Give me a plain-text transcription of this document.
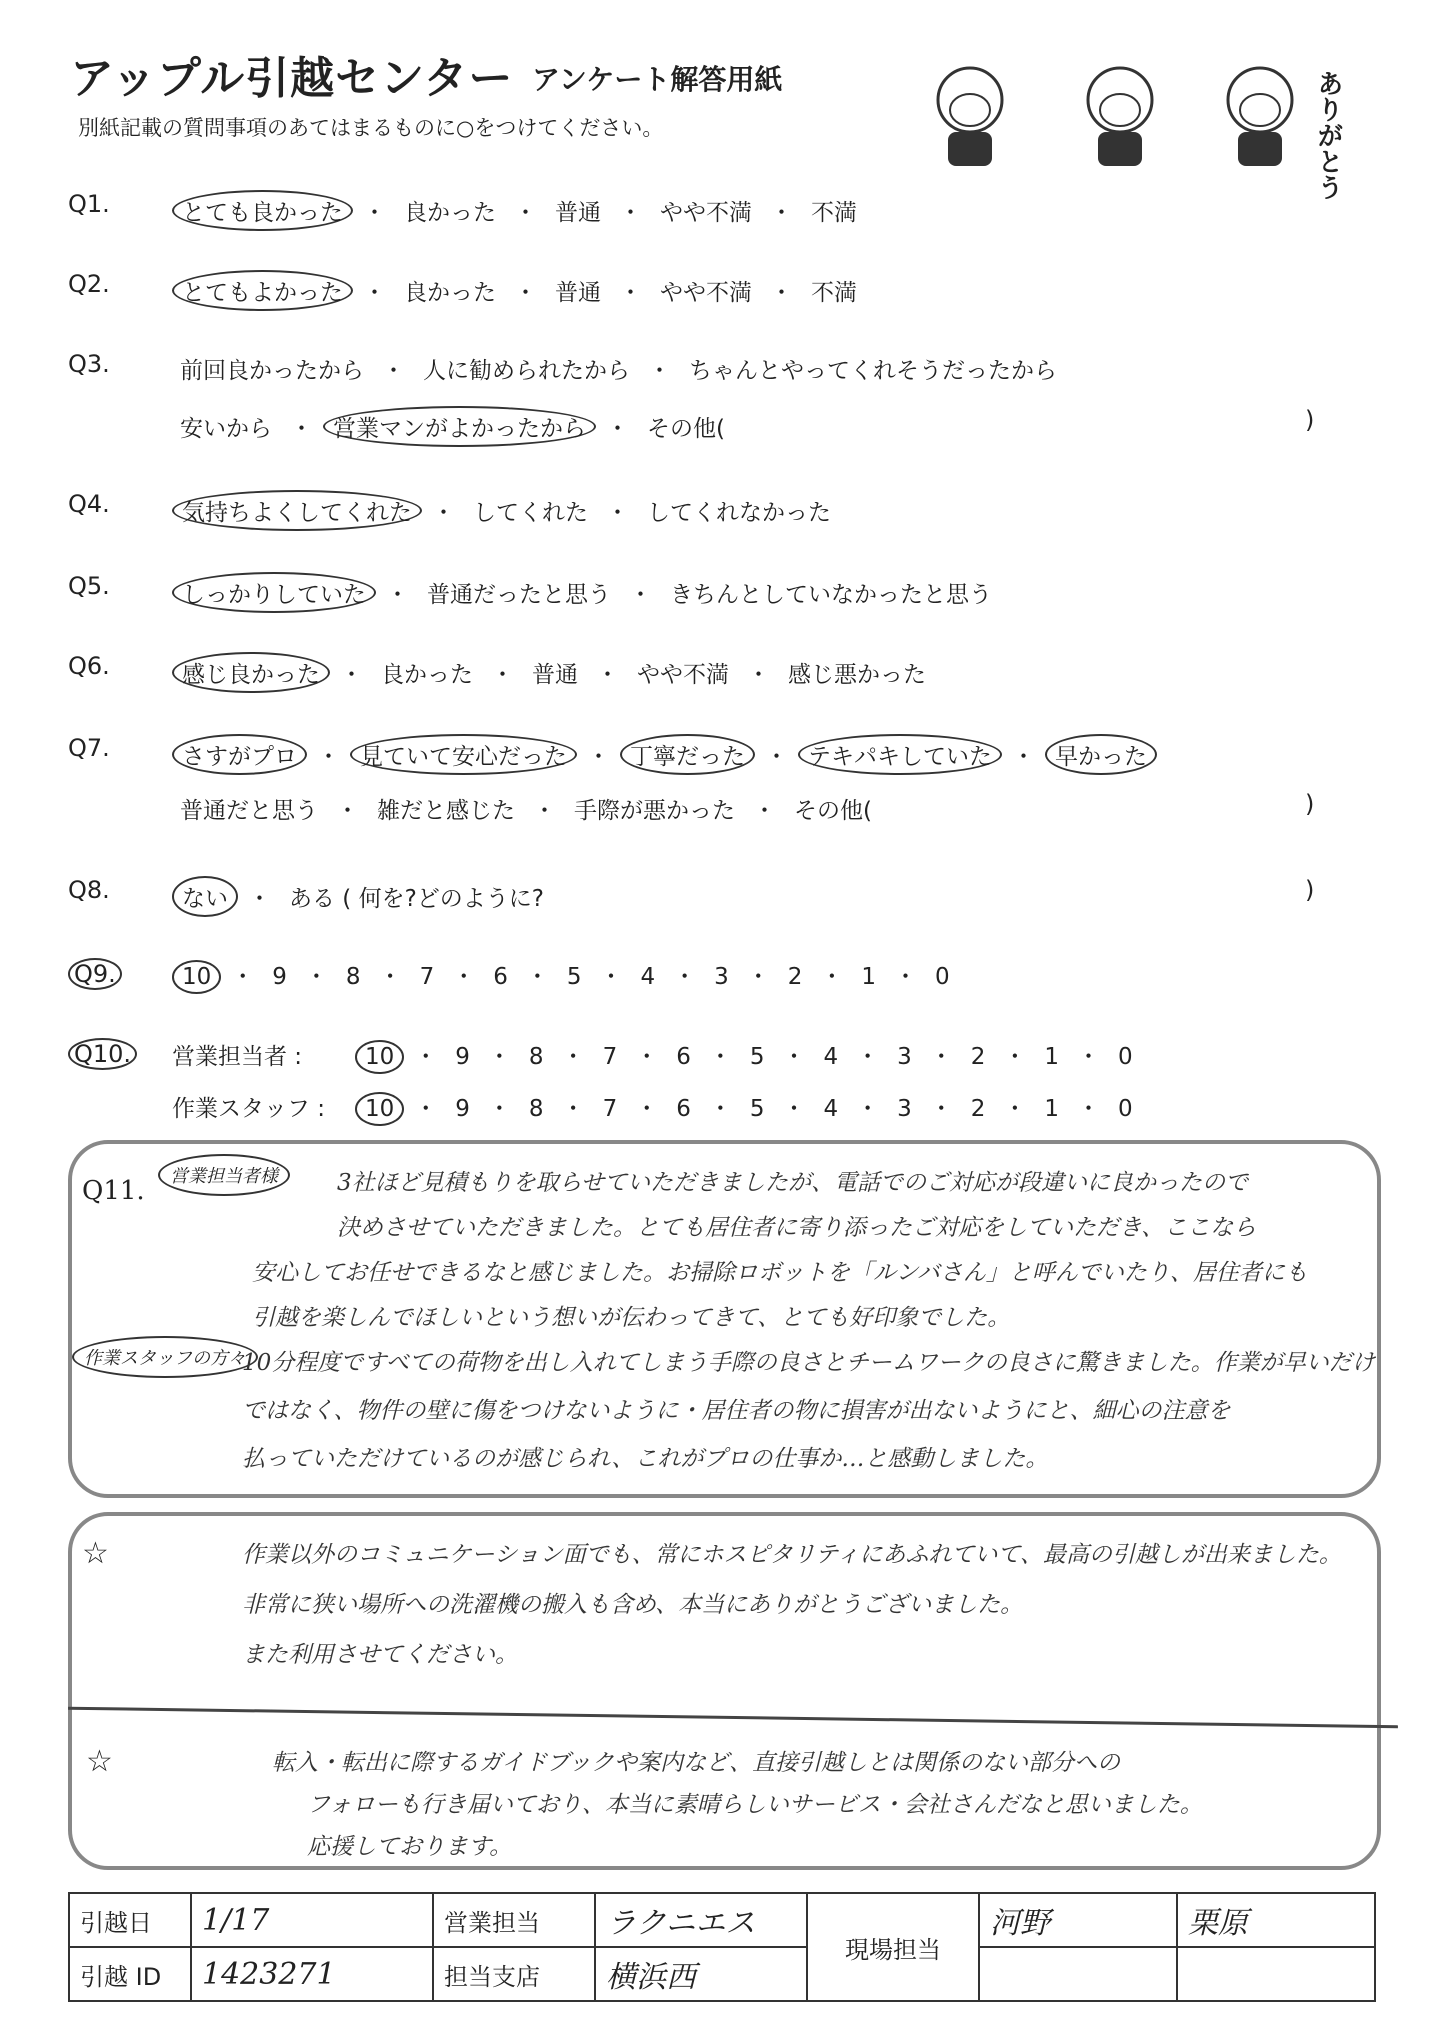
アップル引越センター アンケート解答用紙
別紙記載の質問事項のあてはまるものに○をつけてください。	ありがとう
Q1.	とても良かった ・ 良かった ・ 普通 ・ やや不満 ・ 不満
Q2.	とてもよかった ・ 良かった ・ 普通 ・ やや不満 ・ 不満
Q3.	前回良かったから ・ 人に勧められたから ・ ちゃんとやってくれそうだったから
安いから ・ 営業マンがよかったから ・ その他(	)
Q4.	気持ちよくしてくれた ・ してくれた ・ してくれなかった
Q5.	しっかりしていた ・ 普通だったと思う ・ きちんとしていなかったと思う
Q6.	感じ良かった ・ 良かった ・ 普通 ・ やや不満 ・ 感じ悪かった
Q7.	さすがプロ ・ 見ていて安心だった ・ 丁寧だった ・ テキパキしていた ・ 早かった
普通だと思う ・ 雑だと感じた ・ 手際が悪かった ・ その他(	)
Q8.	ない ・ ある ( 何を?どのように?	)
Q9.	10 ・ 9 ・ 8 ・ 7 ・ 6 ・ 5 ・ 4 ・ 3 ・ 2 ・ 1 ・ 0
Q10. 営業担当者 :	10 ・ 9 ・ 8 ・ 7 ・ 6 ・ 5 ・ 4 ・ 3 ・ 2 ・ 1 ・ 0
作業スタッフ :	10 ・ 9 ・ 8 ・ 7 ・ 6 ・ 5 ・ 4 ・ 3 ・ 2 ・ 1 ・ 0
Q11.	営業担当者様
作業スタッフの方々
3社ほど見積もりを取らせていただきましたが、電話でのご対応が段違いに良かったので
決めさせていただきました。とても居住者に寄り添ったご対応をしていただき、ここなら
安心してお任せできるなと感じました。お掃除ロボットを「ルンバさん」と呼んでいたり、居住者にも
引越を楽しんでほしいという想いが伝わってきて、とても好印象でした。
10分程度ですべての荷物を出し入れてしまう手際の良さとチームワークの良さに驚きました。作業が早いだけ
ではなく、物件の壁に傷をつけないように・居住者の物に損害が出ないようにと、細心の注意を
払っていただけているのが感じられ、これがプロの仕事か…と感動しました。
☆
☆
作業以外のコミュニケーション面でも、常にホスピタリティにあふれていて、最高の引越しが出来ました。
非常に狭い場所への洗濯機の搬入も含め、本当にありがとうございました。
また利用させてください。
転入・転出に際するガイドブックや案内など、直接引越しとは関係のない部分への
フォローも行き届いており、本当に素晴らしいサービス・会社さんだなと思いました。
応援しております。
引越日	1/17	営業担当	ラクニエス	現場担当	河野	栗原
引越 ID	1423271	担当支店	横浜西			
